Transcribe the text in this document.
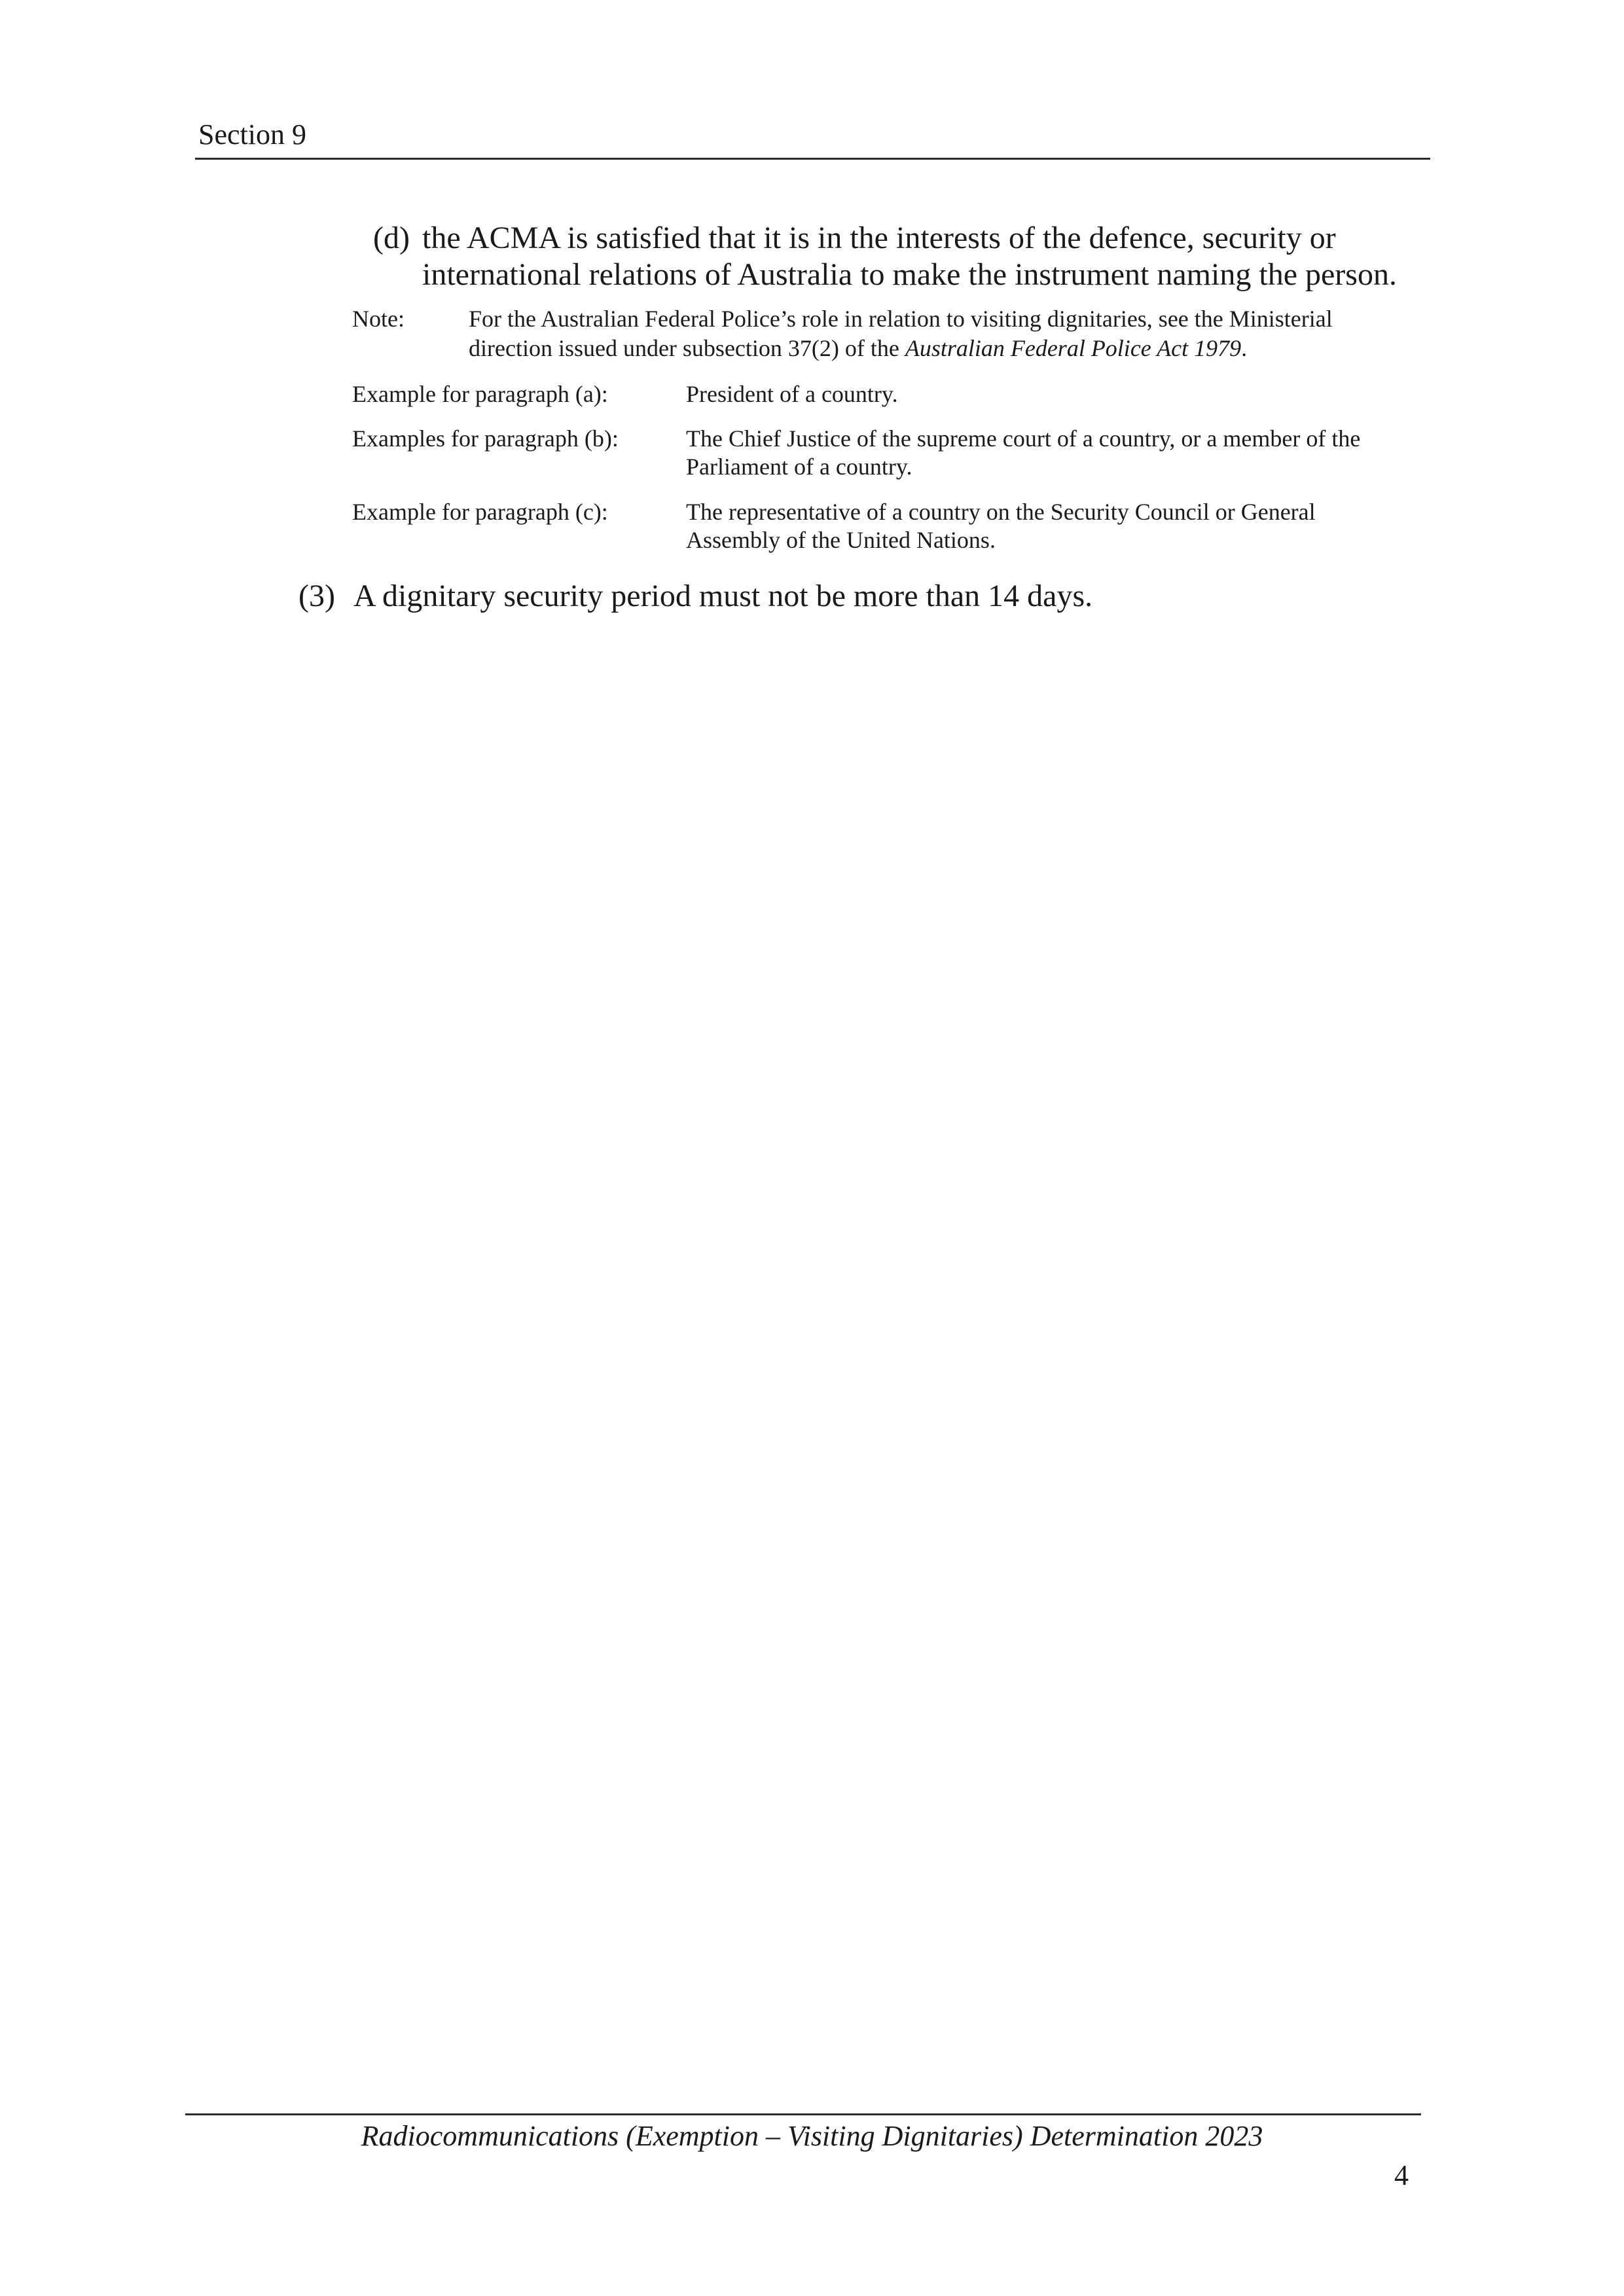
Section 9
(d) the ACMA is satisfied that it is in the interests of the defence, security or
international relations of Australia to make the instrument naming the person.
Note:	For the Australian Federal Police’s role in relation to visiting dignitaries, see the Ministerial
direction issued under subsection 37(2) of the Australian Federal Police Act 1979.
Example for paragraph (a):	President of a country.
Examples for paragraph (b):	The Chief Justice of the supreme court of a country, or a member of the
Parliament of a country.
Example for paragraph (c):	The representative of a country on the Security Council or General
Assembly of the United Nations.
(3) A dignitary security period must not be more than 14 days.
Radiocommunications (Exemption – Visiting Dignitaries) Determination 2023
4
